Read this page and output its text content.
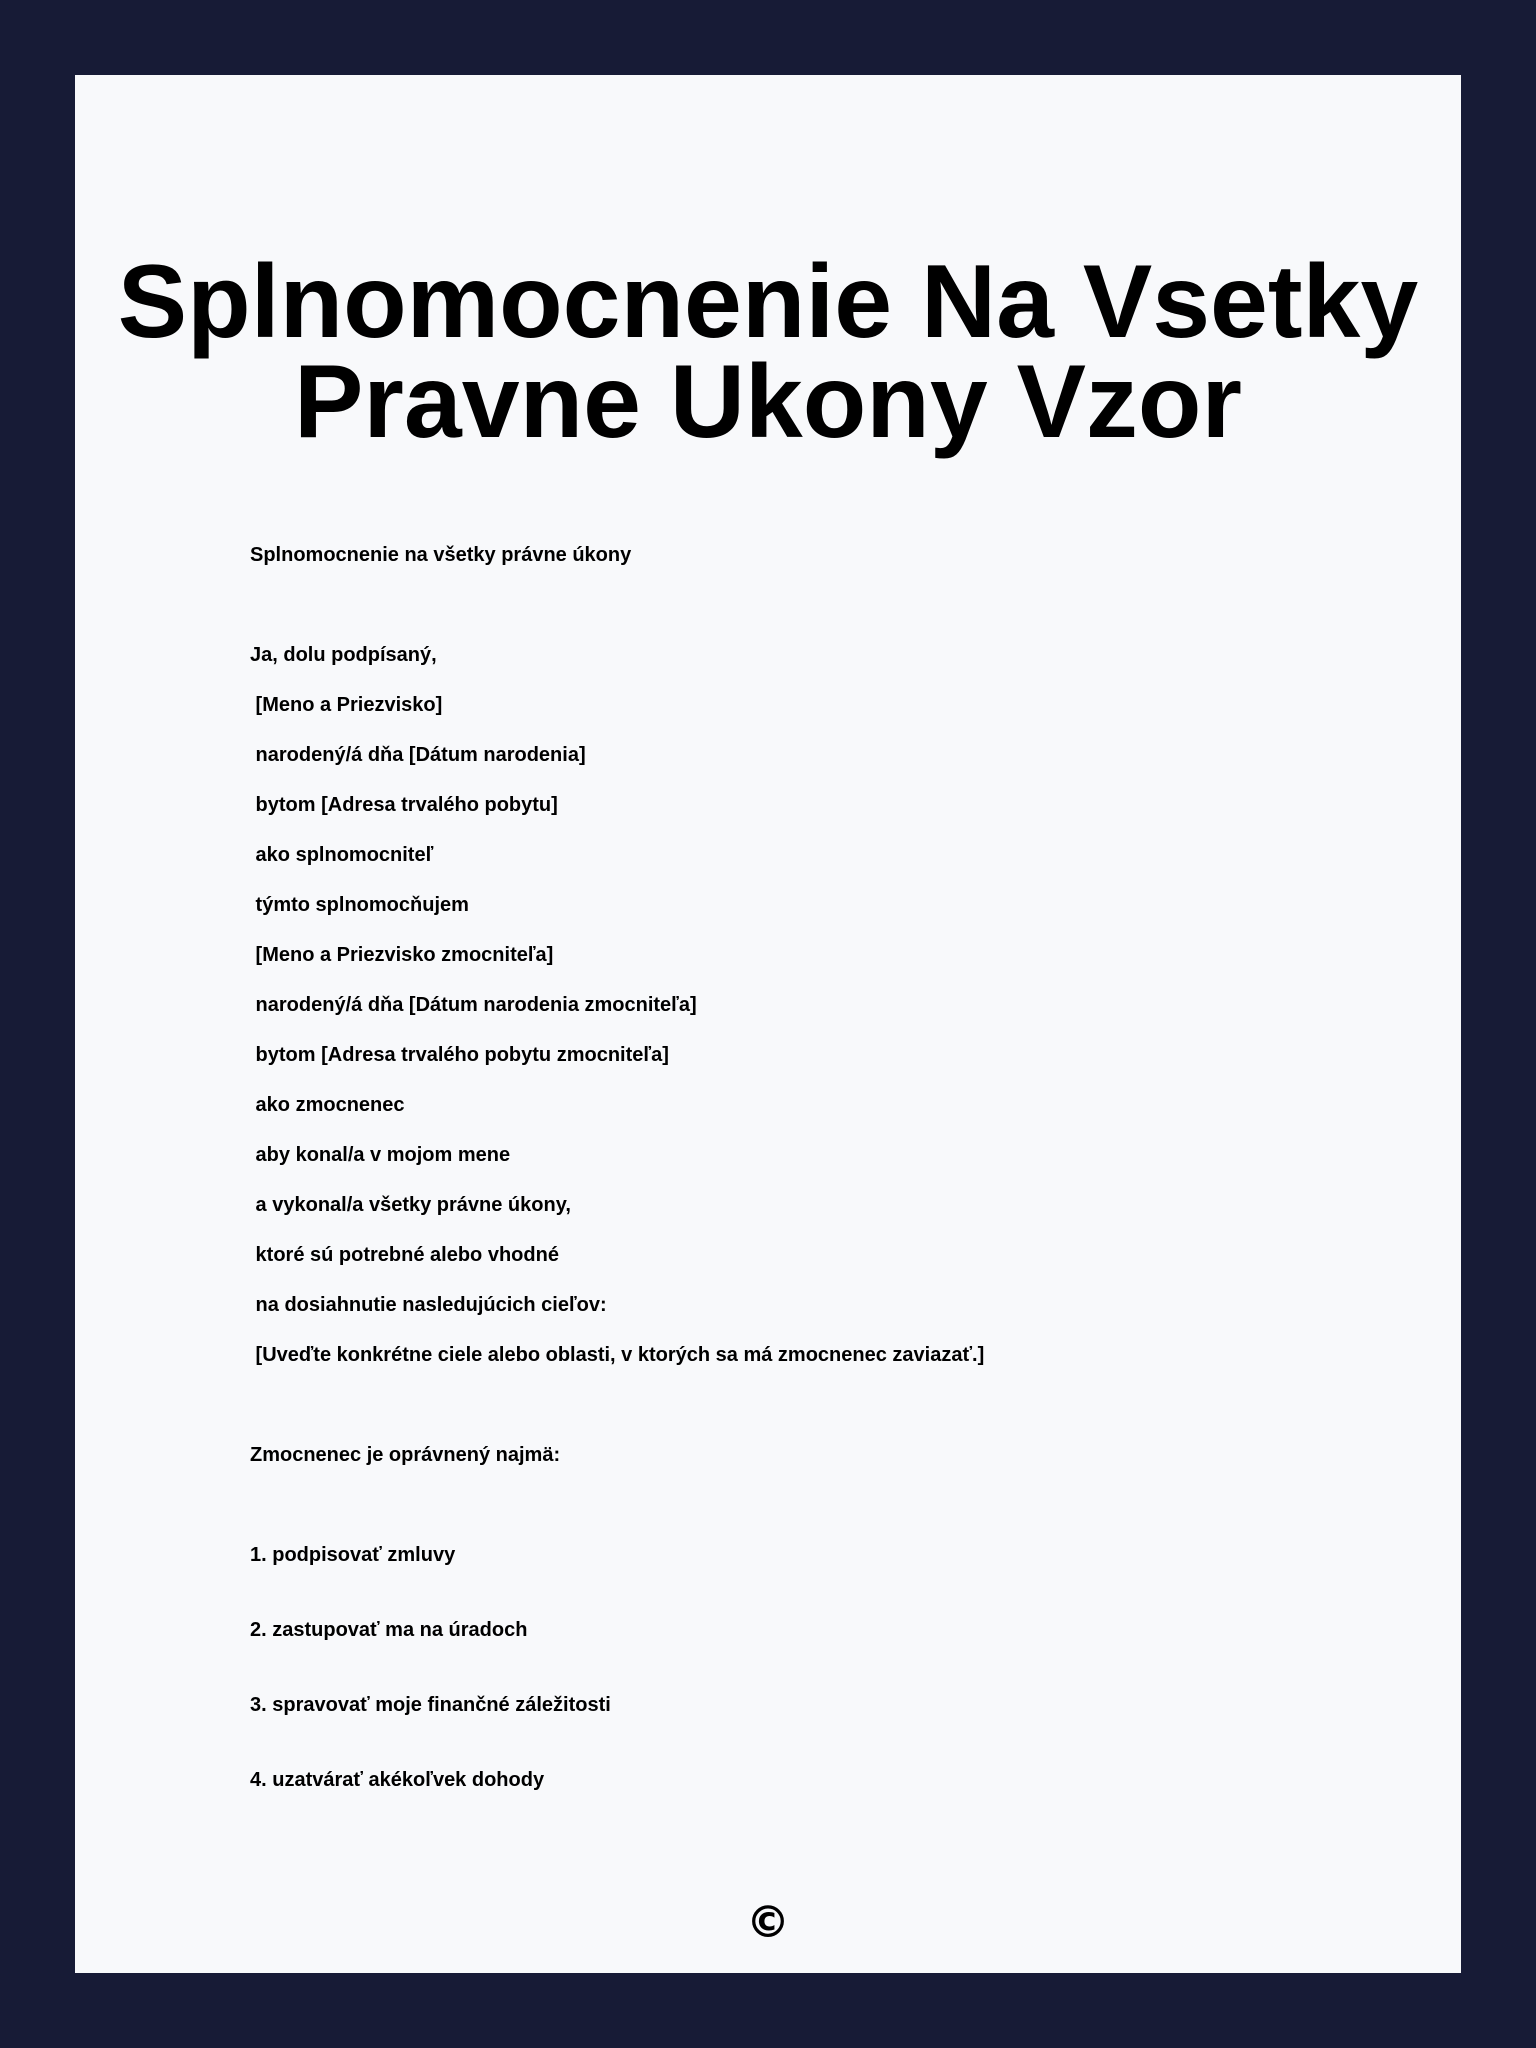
Splnomocnenie Na Vsetky
Pravne Ukony Vzor
Splnomocnenie na všetky právne úkony
Ja, dolu podpísaný,
[Meno a Priezvisko]
narodený/á dňa [Dátum narodenia]
bytom [Adresa trvalého pobytu]
ako splnomocniteľ
týmto splnomocňujem
[Meno a Priezvisko zmocniteľa]
narodený/á dňa [Dátum narodenia zmocniteľa]
bytom [Adresa trvalého pobytu zmocniteľa]
ako zmocnenec
aby konal/a v mojom mene
a vykonal/a všetky právne úkony,
ktoré sú potrebné alebo vhodné
na dosiahnutie nasledujúcich cieľov:
[Uveďte konkrétne ciele alebo oblasti, v ktorých sa má zmocnenec zaviazať.]
Zmocnenec je oprávnený najmä:
1. podpisovať zmluvy
2. zastupovať ma na úradoch
3. spravovať moje finančné záležitosti
4. uzatvárať akékoľvek dohody
©
